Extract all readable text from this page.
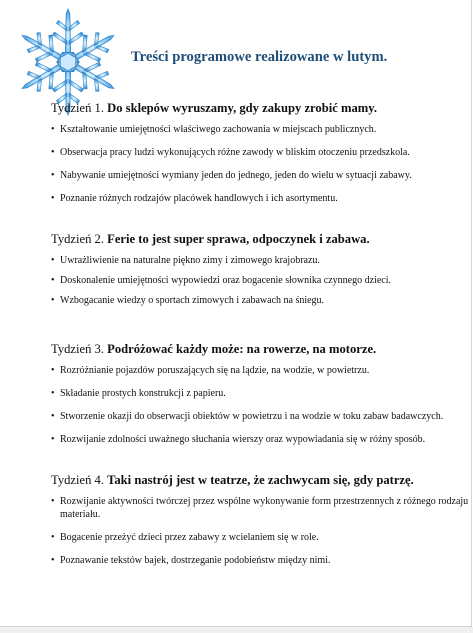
Treści programowe realizowane w lutym.

Tydzień 1. Do sklepów wyruszamy, gdy zakupy zrobić mamy.

• Kształtowanie umiejętności właściwego zachowania w miejscach publicznych.
• Obserwacja pracy ludzi wykonujących różne zawody w bliskim otoczeniu przedszkola.
• Nabywanie umiejętności wymiany jeden do jednego, jeden do wielu w sytuacji zabawy.
• Poznanie różnych rodzajów placówek handlowych i ich asortymentu.

Tydzień 2. Ferie to jest super sprawa, odpoczynek i zabawa.

• Uwrażliwienie na naturalne piękno zimy i zimowego krajobrazu.
• Doskonalenie umiejętności wypowiedzi oraz bogacenie słownika czynnego dzieci.
• Wzbogacanie wiedzy o sportach zimowych i zabawach na śniegu.

Tydzień 3. Podróżować każdy może: na rowerze, na motorze.

• Rozróżnianie pojazdów poruszających się na lądzie, na wodzie, w powietrzu.
• Składanie prostych konstrukcji z papieru.
• Stworzenie okazji do obserwacji obiektów w powietrzu i na wodzie w toku zabaw badawczych.
• Rozwijanie zdolności uważnego słuchania wierszy oraz wypowiadania się w różny sposób.

Tydzień 4. Taki nastrój jest w teatrze, że zachwycam się, gdy patrzę.

• Rozwijanie aktywności twórczej przez wspólne wykonywanie form przestrzennych z różnego rodzaju materiału.
• Bogacenie przeżyć dzieci przez zabawy z wcielaniem się w role.
• Poznawanie tekstów bajek, dostrzeganie podobieństw między nimi.
